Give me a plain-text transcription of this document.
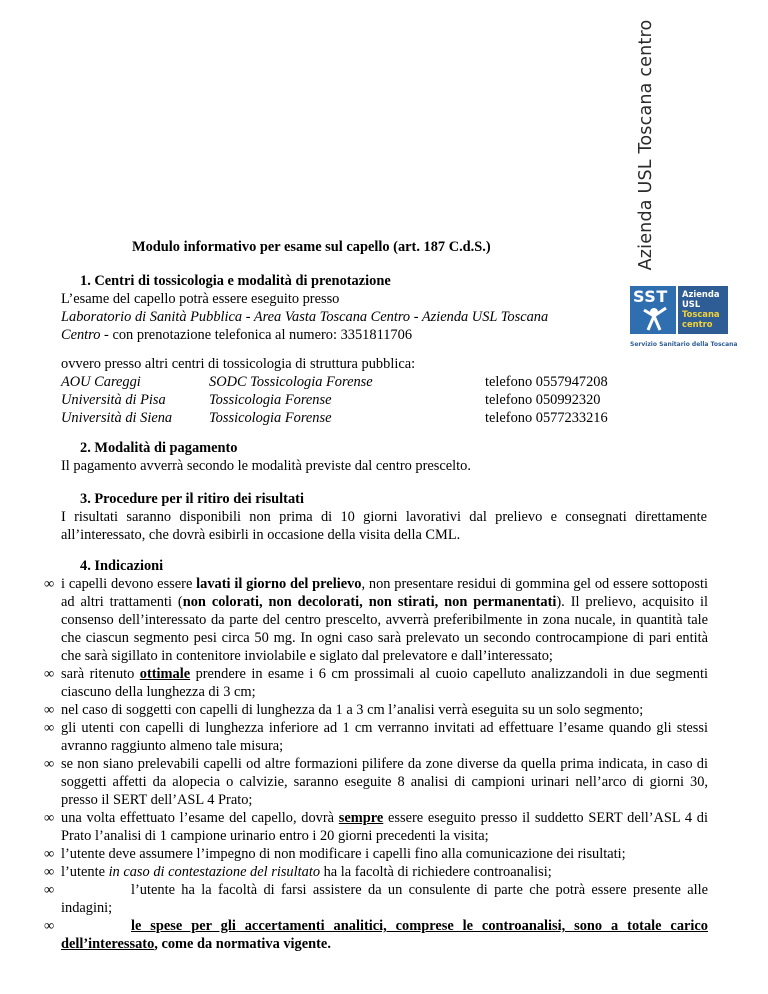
Azienda USL Toscana centro
SST Azienda
USL
Toscana
centro
Servizio Sanitario della Toscana
Modulo informativo per esame sul capello (art. 187 C.d.S.)
1. Centri di tossicologia e modalità di prenotazione
L’esame del capello potrà essere eseguito presso
Laboratorio di Sanità Pubblica - Area Vasta Toscana Centro - Azienda USL Toscana
Centro - con prenotazione telefonica al numero: 3351811706
ovvero presso altri centri di tossicologia di struttura pubblica:
AOU Careggi	SODC Tossicologia Forense	telefono 0557947208
Università di Pisa	Tossicologia Forense	telefono 050992320
Università di Siena	Tossicologia Forense	telefono 0577233216
2. Modalità di pagamento
Il pagamento avverrà secondo le modalità previste dal centro prescelto.
3. Procedure per il ritiro dei risultati
I risultati saranno disponibili non prima di 10 giorni lavorativi dal prelievo e consegnati direttamente
all’interessato, che dovrà esibirli in occasione della visita della CML.
4. Indicazioni

∞ i capelli devono essere lavati il giorno del prelievo, non presentare residui di gommina gel od essere sottoposti ad altri trattamenti (non colorati, non decolorati, non stirati, non permanentati). Il prelievo, acquisito il consenso dell’interessato da parte del centro prescelto, avverrà preferibilmente in zona nucale, in quantità tale che ciascun segmento pesi circa 50 mg. In ogni caso sarà prelevato un secondo controcampione di pari entità che sarà sigillato in contenitore inviolabile e siglato dal prelevatore e dall’interessato;

∞ sarà ritenuto ottimale prendere in esame i 6 cm prossimali al cuoio capelluto analizzandoli in due segmenti ciascuno della lunghezza di 3 cm;

∞ nel caso di soggetti con capelli di lunghezza da 1 a 3 cm l’analisi verrà eseguita su un solo segmento;

∞ gli utenti con capelli di lunghezza inferiore ad 1 cm verranno invitati ad effettuare l’esame quando gli stessi avranno raggiunto almeno tale misura;

∞ se non siano prelevabili capelli od altre formazioni pilifere da zone diverse da quella prima indicata, in caso di soggetti affetti da alopecia o calvizie, saranno eseguite 8 analisi di campioni urinari nell’arco di giorni 30, presso il SERT dell’ASL 4 Prato;

∞ una volta effettuato l’esame del capello, dovrà sempre essere eseguito presso il suddetto SERT dell’ASL 4 di Prato l’analisi di 1 campione urinario entro i 20 giorni precedenti la visita;

∞ l’utente deve assumere l’impegno di non modificare i capelli fino alla comunicazione dei risultati;

∞ l’utente in caso di contestazione del risultato ha la facoltà di richiedere controanalisi;

∞	l’utente ha la facoltà di farsi assistere da un consulente di parte che potrà essere presente alle indagini;

∞	le spese per gli accertamenti analitici, comprese le controanalisi, sono a totale carico dell’interessato, come da normativa vigente.
